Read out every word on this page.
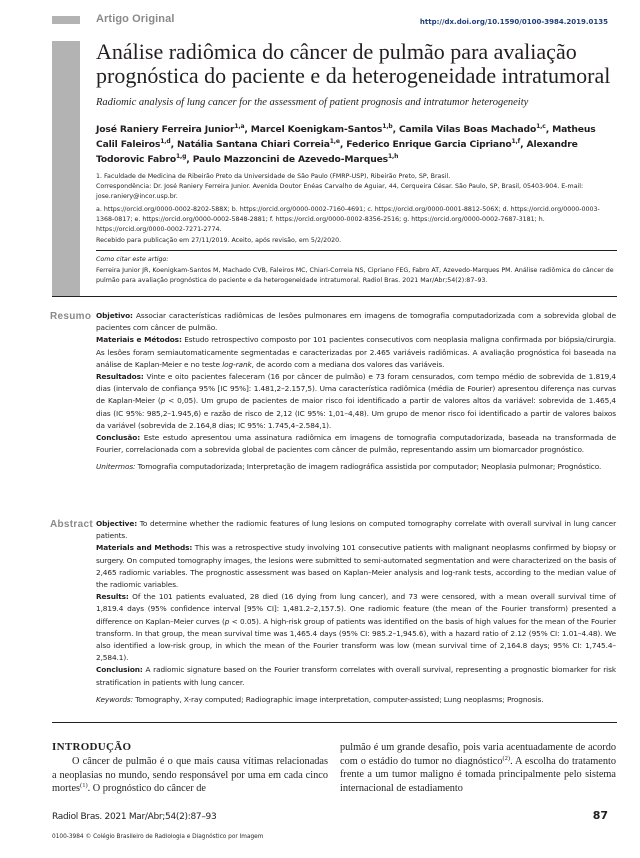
Artigo Original	http://dx.doi.org/10.1590/0100-3984.2019.0135
Análise radiômica do câncer de pulmão para avaliação prognóstica do paciente e da heterogeneidade intratumoral
Radiomic analysis of lung cancer for the assessment of patient prognosis and intratumor heterogeneity
José Raniery Ferreira Junior$^{1,a}$, Marcel Koenigkam-Santos$^{1,b}$, Camila Vilas Boas Machado$^{1,c}$, Matheus Calil Faleiros$^{1,d}$, Natália Santana Chiari Correia$^{1,e}$, Federico Enrique Garcia Cipriano$^{1,f}$, Alexandre Todorovic Fabro$^{1,g}$, Paulo Mazzoncini de Azevedo-Marques$^{1,h}$
1. Faculdade de Medicina de Ribeirão Preto da Universidade de São Paulo (FMRP-USP), Ribeirão Preto, SP, Brasil.
Correspondência: Dr. José Raniery Ferreira Junior. Avenida Doutor Enéas Carvalho de Aguiar, 44, Cerqueira César. São Paulo, SP, Brasil, 05403-904. E-mail: jose.raniery@incor.usp.br.
a. https://orcid.org/0000-0002-8202-588X; b. https://orcid.org/0000-0002-7160-4691; c. https://orcid.org/0000-0001-8812-506X; d. https://orcid.org/0000-0003-1368-0817; e. https://orcid.org/0000-0002-5848-2881; f. https://orcid.org/0000-0002-8356-2516; g. https://orcid.org/0000-0002-7687-3181; h. https://orcid.org/0000-0002-7271-2774.
Recebido para publicação em 27/11/2019. Aceito, após revisão, em 5/2/2020.
Como citar este artigo:
Ferreira Junior JR, Koenigkam-Santos M, Machado CVB, Faleiros MC, Chiari-Correia NS, Cipriano FEG, Fabro AT, Azevedo-Marques PM. Análise radiômica do câncer de pulmão para avaliação prognóstica do paciente e da heterogeneidade intratumoral. Radiol Bras. 2021 Mar/Abr;54(2):87–93.
Resumo Objetivo: Associar características radiômicas de lesões pulmonares em imagens de tomografia computadorizada com a sobrevida global de pacientes com câncer de pulmão.

Materiais e Métodos: Estudo retrospectivo composto por 101 pacientes consecutivos com neoplasia maligna confirmada por biópsia/cirurgia. As lesões foram semiautomaticamente segmentadas e caracterizadas por 2.465 variáveis radiômicas. A avaliação prognóstica foi baseada na análise de Kaplan-Meier e no teste log-rank, de acordo com a mediana dos valores das variáveis.

Resultados: Vinte e oito pacientes faleceram (16 por câncer de pulmão) e 73 foram censurados, com tempo médio de sobrevida de 1.819,4 dias (intervalo de confiança 95% [IC 95%]: 1.481,2–2.157,5). Uma característica radiômica (média de Fourier) apresentou diferença nas curvas de Kaplan-Meier (p < 0,05). Um grupo de pacientes de maior risco foi identificado a partir de valores altos da variável: sobrevida de 1.465,4 dias (IC 95%: 985,2–1.945,6) e razão de risco de 2,12 (IC 95%: 1,01–4,48). Um grupo de menor risco foi identificado a partir de valores baixos da variável (sobrevida de 2.164,8 dias; IC 95%: 1.745,4–2.584,1).

Conclusão: Este estudo apresentou uma assinatura radiômica em imagens de tomografia computadorizada, baseada na transformada de Fourier, correlacionada com a sobrevida global de pacientes com câncer de pulmão, representando assim um biomarcador prognóstico.

Unitermos: Tomografia computadorizada; Interpretação de imagem radiográfica assistida por computador; Neoplasia pulmonar; Prognóstico.

Abstract Objective: To determine whether the radiomic features of lung lesions on computed tomography correlate with overall survival in lung cancer patients.

Materials and Methods: This was a retrospective study involving 101 consecutive patients with malignant neoplasms confirmed by biopsy or surgery. On computed tomography images, the lesions were submitted to semi-automated segmentation and were characterized on the basis of 2,465 radiomic variables. The prognostic assessment was based on Kaplan–Meier analysis and log-rank tests, according to the median value of the radiomic variables.

Results: Of the 101 patients evaluated, 28 died (16 dying from lung cancer), and 73 were censored, with a mean overall survival time of 1,819.4 days (95% confidence interval [95% CI]: 1,481.2–2,157.5). One radiomic feature (the mean of the Fourier transform) presented a difference on Kaplan–Meier curves (p < 0.05). A high-risk group of patients was identified on the basis of high values for the mean of the Fourier transform. In that group, the mean survival time was 1,465.4 days (95% CI: 985.2–1,945.6), with a hazard ratio of 2.12 (95% CI: 1.01–4.48). We also identified a low-risk group, in which the mean of the Fourier transform was low (mean survival time of 2,164.8 days; 95% CI: 1,745.4–2,584.1).

Conclusion: A radiomic signature based on the Fourier transform correlates with overall survival, representing a prognostic biomarker for risk stratification in patients with lung cancer.

Keywords: Tomography, X-ray computed; Radiographic image interpretation, computer-assisted; Lung neoplasms; Prognosis.

INTRODUÇÃO

O câncer de pulmão é o que mais causa vítimas relacionadas a neoplasias no mundo, sendo responsável por uma em cada cinco mortes$^{(1)}$. O prognóstico do câncer de

pulmão é um grande desafio, pois varia acentuadamente de acordo com o estádio do tumor no diagnóstico$^{(2)}$. A escolha do tratamento frente a um tumor maligno é tomada principalmente pelo sistema internacional de estadiamento

Radiol Bras. 2021 Mar/Abr;54(2):87–93	87
0100-3984 © Colégio Brasileiro de Radiologia e Diagnóstico por Imagem
